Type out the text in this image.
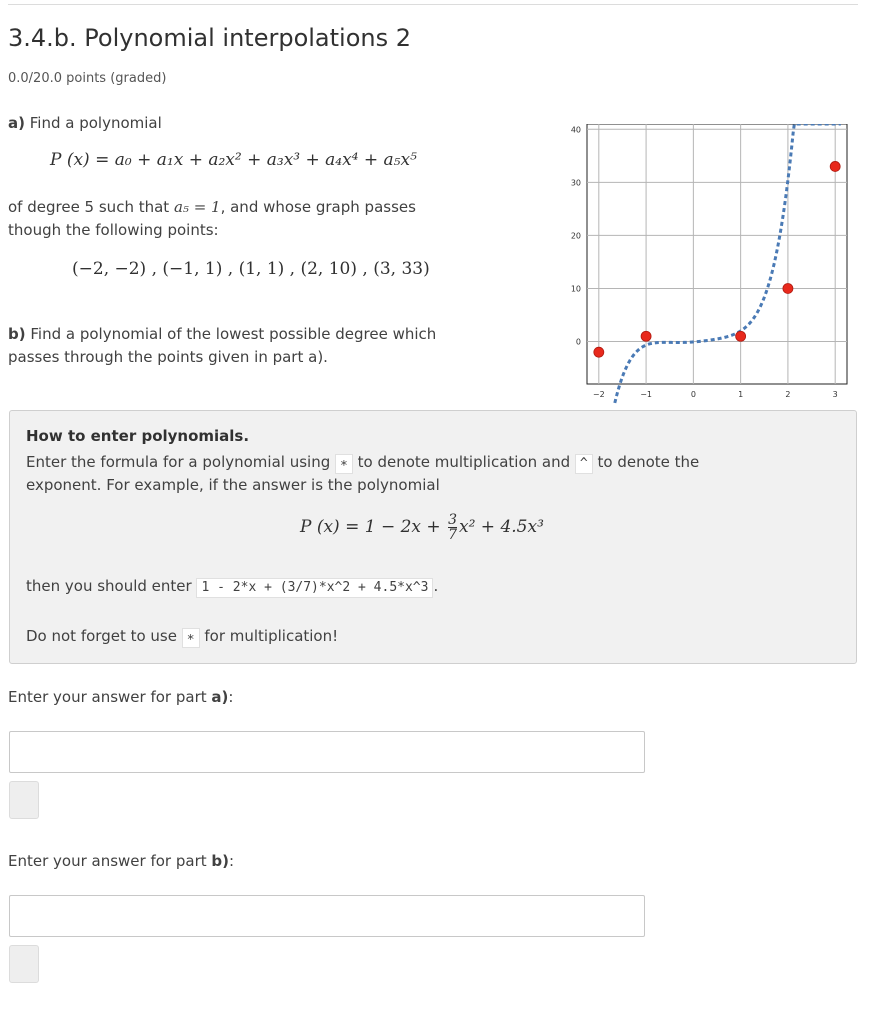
3.4.b. Polynomial interpolations 2
0.0/20.0 points (graded)
a) Find a polynomial
P (x) = a₀ + a₁x + a₂x² + a₃x³ + a₄x⁴ + a₅x⁵
of degree 5 such that a₅ = 1, and whose graph passes
though the following points:
(−2, −2) , (−1, 1) , (1, 1) , (2, 10) , (3, 33)
b) Find a polynomial of the lowest possible degree which
passes through the points given in part a).
−2	−1	0	1	2	3
0
10
20
30
40
How to enter polynomials.
Enter the formula for a polynomial using ∗ to denote multiplication and ^ to denote the
exponent. For example, if the answer is the polynomial
P $(x) = 1 - 2x + \frac{3}{7} x^2 + 4.5x^3$
then you should enter 1 - 2*x + (3/7)*x^2 + 4.5*x^3 .
Do not forget to use ∗ for multiplication!
Enter your answer for part a):
Enter your answer for part b):
